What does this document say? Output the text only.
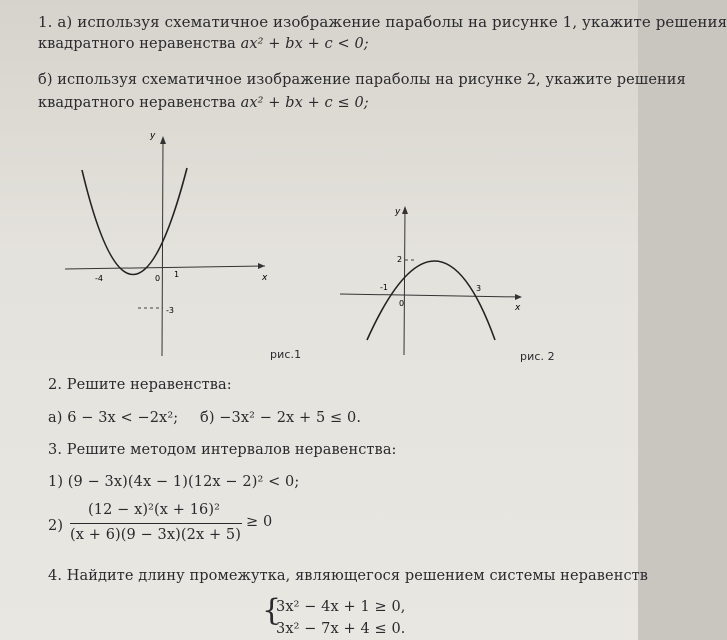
1. а) используя схематичное изображение параболы на рисунке 1, укажите решения
квадратного неравенства ax² + bx + c < 0;
б) используя схематичное изображение параболы на рисунке 2, укажите решения
квадратного неравенства ax² + bx + c ≤ 0;
y
x
-4	0 1
-3
рис.1
y
x
2
-1
0
3
рис. 2
2. Решите неравенства:
а) 6 − 3x < −2x²; б) −3x² − 2x + 5 ≤ 0.
3. Решите методом интервалов неравенства:
1) (9 − 3x)(4x − 1)(12x − 2)² < 0;
2)
(12 − x)²(x + 16)²
(x + 6)(9 − 3x)(2x + 5)
≥ 0
4. Найдите длину промежутка, являющегося решением системы неравенств
{
3x² − 4x + 1 ≥ 0,
3x² − 7x + 4 ≤ 0.
